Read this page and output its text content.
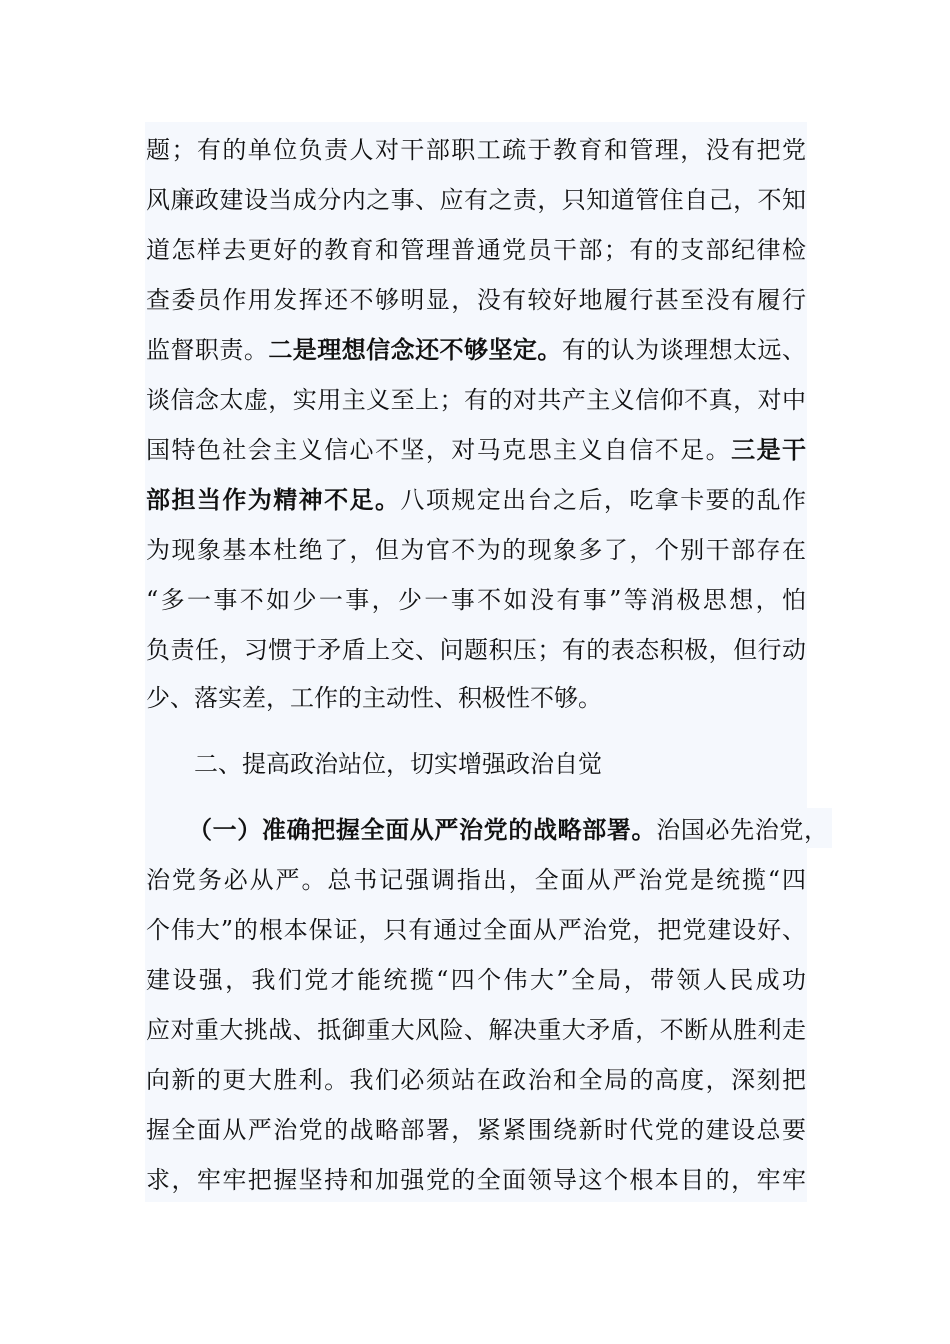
题；有的单位负责人对干部职工疏于教育和管理，没有把党
风廉政建设当成分内之事、应有之责，只知道管住自己，不知
道怎样去更好的教育和管理普通党员干部；有的支部纪律检
查委员作用发挥还不够明显，没有较好地履行甚至没有履行
监督职责。二是理想信念还不够坚定。有的认为谈理想太远、
谈信念太虚，实用主义至上；有的对共产主义信仰不真，对中
国特色社会主义信心不坚，对马克思主义自信不足。三是干
部担当作为精神不足。八项规定出台之后，吃拿卡要的乱作
为现象基本杜绝了，但为官不为的现象多了，个别干部存在
“多一事不如少一事，少一事不如没有事”等消极思想，怕
负责任，习惯于矛盾上交、问题积压；有的表态积极，但行动
少、落实差，工作的主动性、积极性不够。
二、提高政治站位，切实增强政治自觉
（一）准确把握全面从严治党的战略部署。治国必先治党，
治党务必从严。总书记强调指出，全面从严治党是统揽“四
个伟大”的根本保证，只有通过全面从严治党，把党建设好、
建设强，我们党才能统揽“四个伟大”全局，带领人民成功
应对重大挑战、抵御重大风险、解决重大矛盾，不断从胜利走
向新的更大胜利。我们必须站在政治和全局的高度，深刻把
握全面从严治党的战略部署，紧紧围绕新时代党的建设总要
求，牢牢把握坚持和加强党的全面领导这个根本目的，牢牢
